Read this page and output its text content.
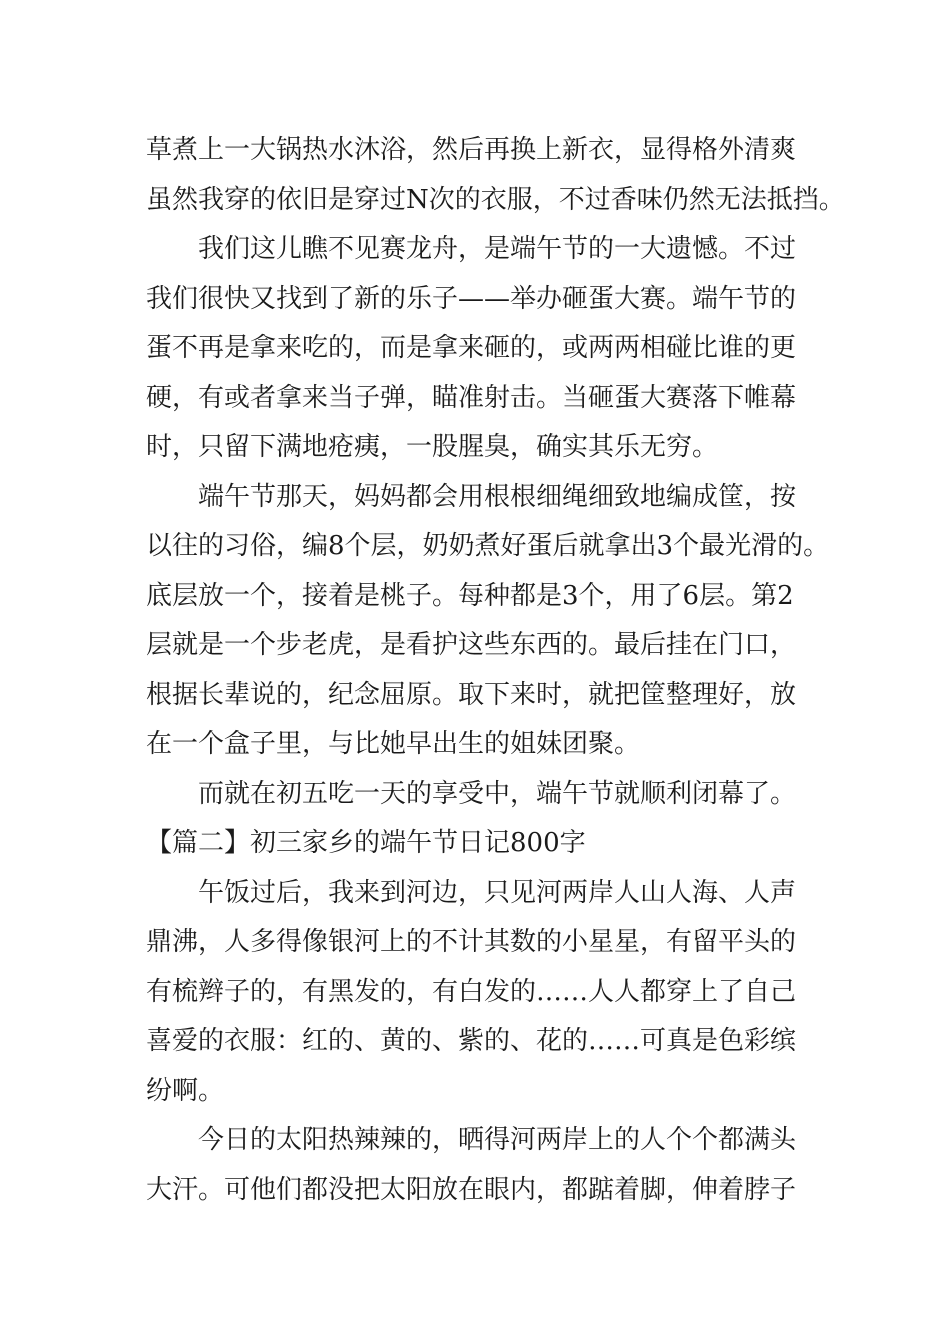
草煮上一大锅热水沐浴，然后再换上新衣，显得格外清爽
虽然我穿的依旧是穿过N次的衣服，不过香味仍然无法抵挡。
我们这儿瞧不见赛龙舟，是端午节的一大遗憾。不过
我们很快又找到了新的乐子——举办砸蛋大赛。端午节的
蛋不再是拿来吃的，而是拿来砸的，或两两相碰比谁的更
硬，有或者拿来当子弹，瞄准射击。当砸蛋大赛落下帷幕
时，只留下满地疮痍，一股腥臭，确实其乐无穷。
端午节那天，妈妈都会用根根细绳细致地编成筐，按
以往的习俗，编8个层，奶奶煮好蛋后就拿出3个最光滑的。
底层放一个，接着是桃子。每种都是3个，用了6层。第2
层就是一个步老虎，是看护这些东西的。最后挂在门口，
根据长辈说的，纪念屈原。取下来时，就把筐整理好，放
在一个盒子里，与比她早出生的姐妹团聚。
而就在初五吃一天的享受中，端午节就顺利闭幕了。
【篇二】初三家乡的端午节日记800字
午饭过后，我来到河边，只见河两岸人山人海、人声
鼎沸，人多得像银河上的不计其数的小星星，有留平头的
有梳辫子的，有黑发的，有白发的……人人都穿上了自己
喜爱的衣服：红的、黄的、紫的、花的……可真是色彩缤
纷啊。
今日的太阳热辣辣的，晒得河两岸上的人个个都满头
大汗。可他们都没把太阳放在眼内，都踮着脚，伸着脖子
